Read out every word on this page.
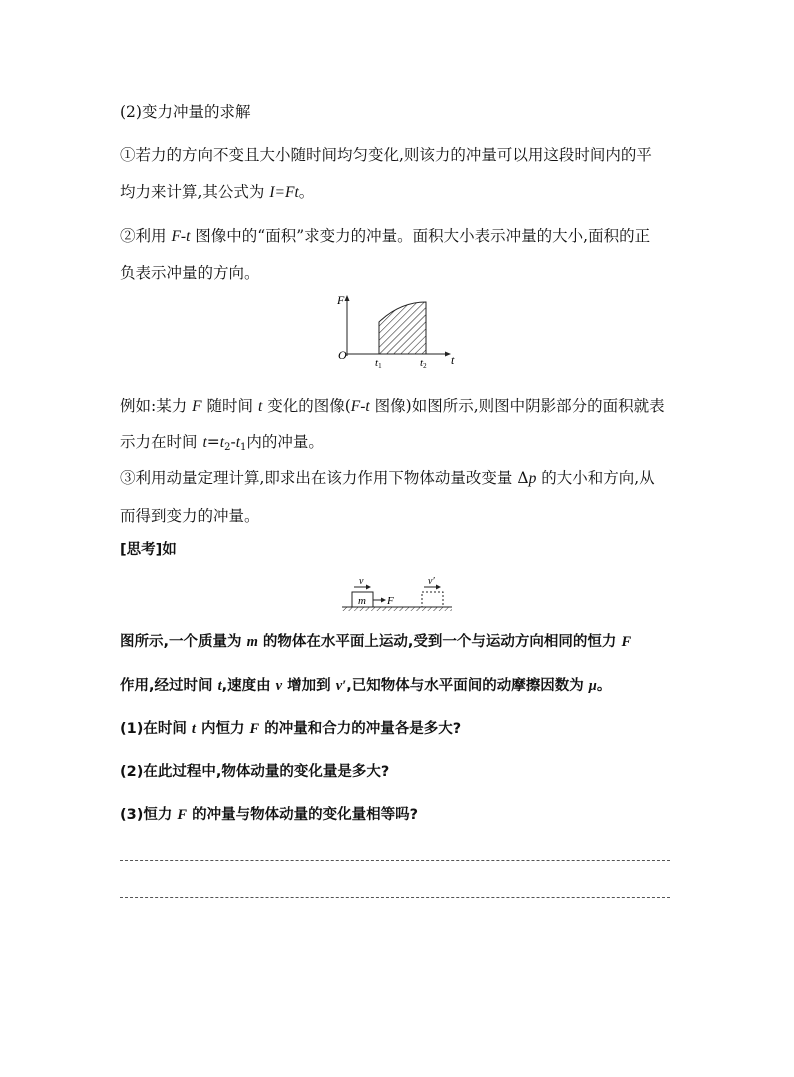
(2)变力冲量的求解
①若力的方向不变且大小随时间均匀变化,则该力的冲量可以用这段时间内的平
均力来计算,其公式为 I=Ft。
②利用 F-t 图像中的“面积”求变力的冲量。面积大小表示冲量的大小,面积的正
负表示冲量的方向。
F
t
O
t1	t2
例如:某力 F 随时间 t 变化的图像(F-t 图像)如图所示,则图中阴影部分的面积就表
示力在时间 $t=t_2-t_1$内的冲量。
③利用动量定理计算,即求出在该力作用下物体动量改变量 Δp 的大小和方向,从
而得到变力的冲量。
[思考]如
m F
v	v′
图所示,一个质量为 m 的物体在水平面上运动,受到一个与运动方向相同的恒力 F
作用,经过时间 t,速度由 v 增加到 v′,已知物体与水平面间的动摩擦因数为 μ。
(1)在时间 t 内恒力 F 的冲量和合力的冲量各是多大?
(2)在此过程中,物体动量的变化量是多大?
(3)恒力 F 的冲量与物体动量的变化量相等吗?
